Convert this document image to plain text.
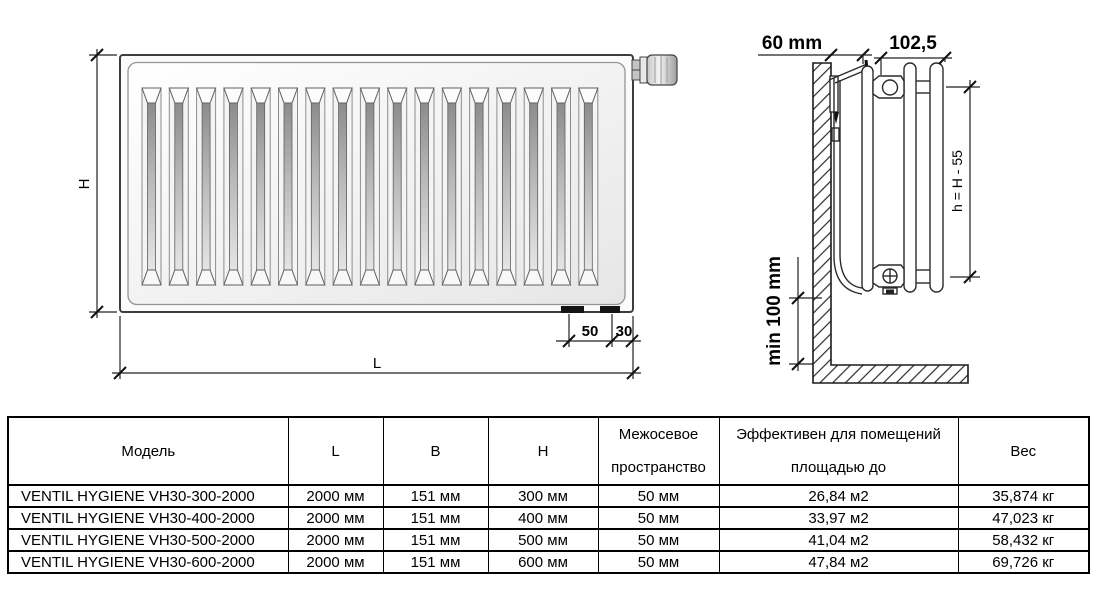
H
L
50 30
60 mm	102,5
h = H - 55
min 100 mm
Модель	L	B	H	Межосевое пространство	Эффективен для помещений площадью до	Вес
VENTIL HYGIENE VH30-300-2000	2000 мм	151 мм	300 мм	50 мм	26,84 м2	35,874 кг
VENTIL HYGIENE VH30-400-2000	2000 мм	151 мм	400 мм	50 мм	33,97 м2	47,023 кг
VENTIL HYGIENE VH30-500-2000	2000 мм	151 мм	500 мм	50 мм	41,04 м2	58,432 кг
VENTIL HYGIENE VH30-600-2000	2000 мм	151 мм	600 мм	50 мм	47,84 м2	69,726 кг
